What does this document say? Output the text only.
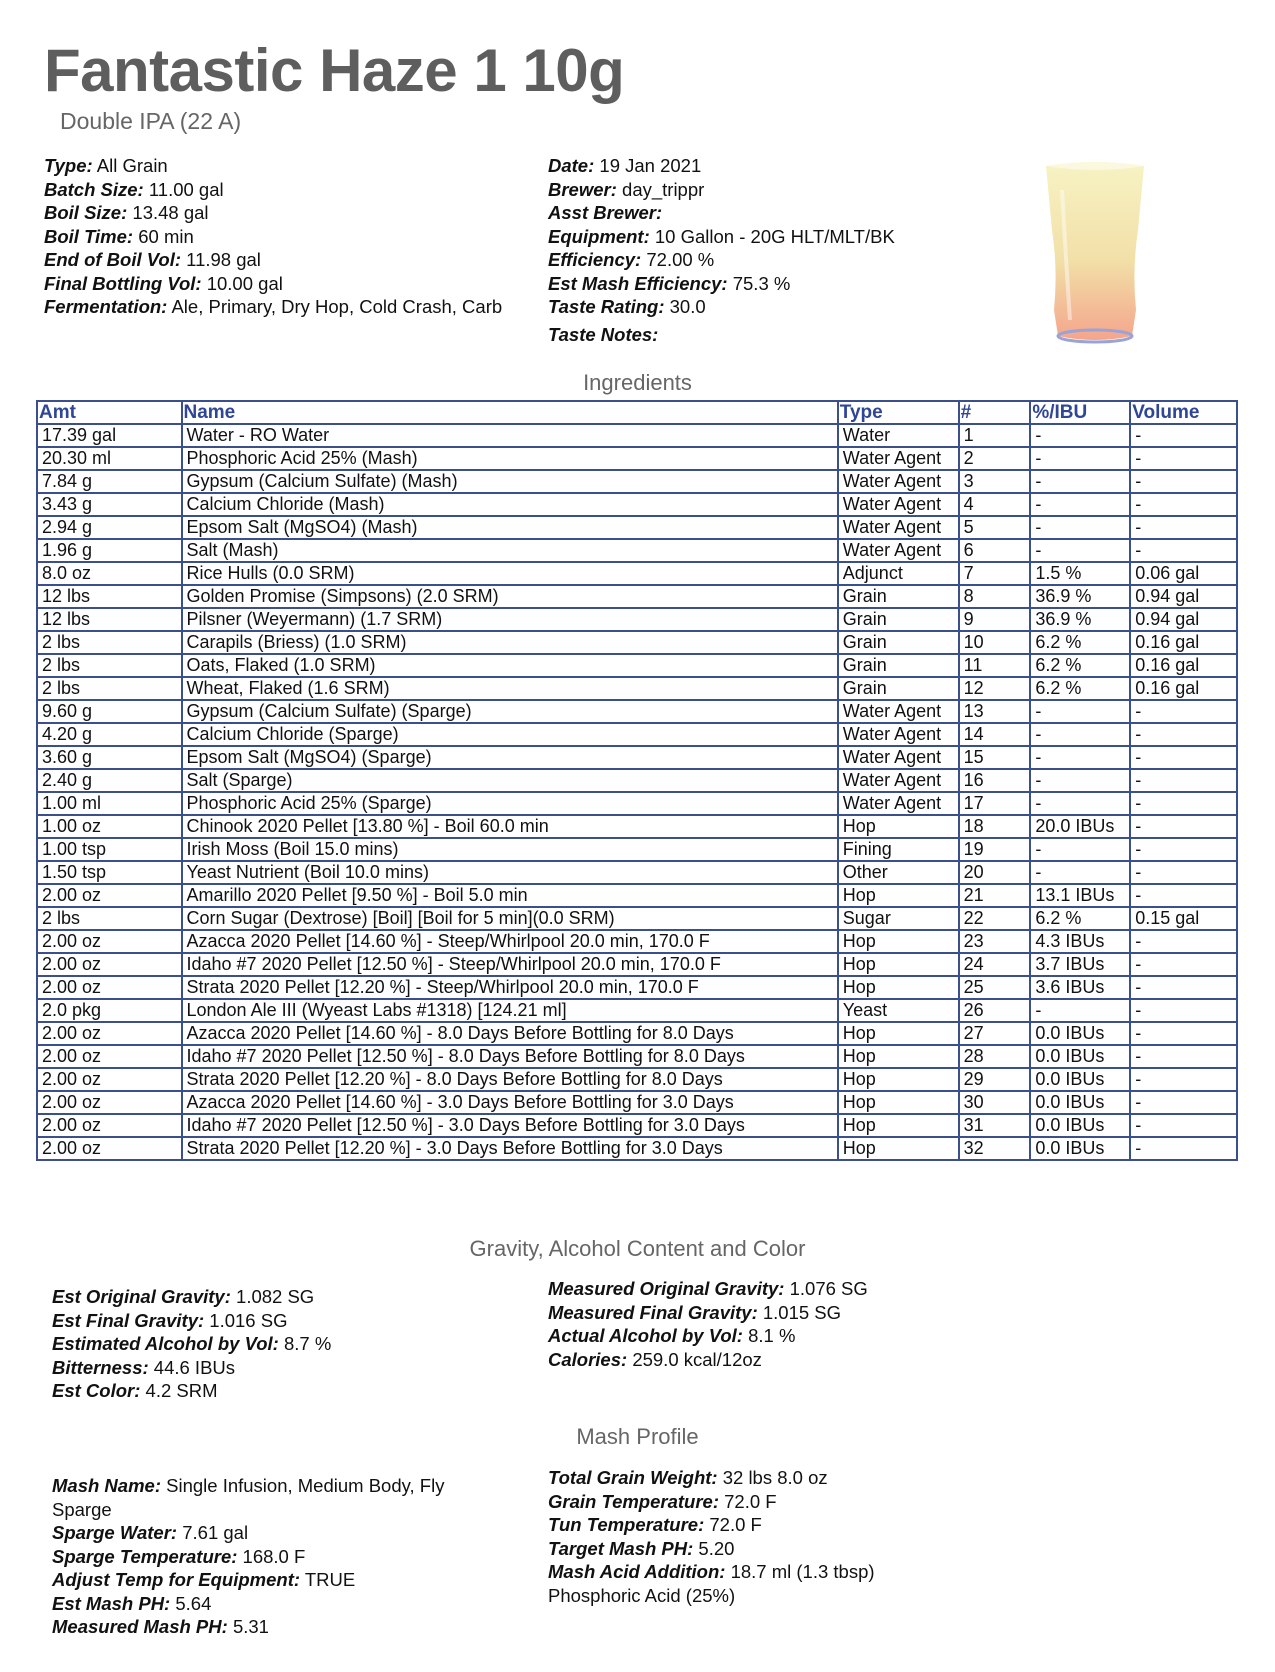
Fantastic Haze 1 10g
Double IPA (22 A)

Type: All Grain

Batch Size: 11.00 gal

Boil Size: 13.48 gal

Boil Time: 60 min

End of Boil Vol: 11.98 gal

Final Bottling Vol: 10.00 gal

Fermentation: Ale, Primary, Dry Hop, Cold Crash, Carb

Date: 19 Jan 2021

Brewer: day_trippr

Asst Brewer:

Equipment: 10 Gallon - 20G HLT/MLT/BK

Efficiency: 72.00 %

Est Mash Efficiency: 75.3 %

Taste Rating: 30.0

Taste Notes:

Ingredients
Amt	Name	Type	#	%/IBU	Volume
17.39 gal	Water - RO Water	Water	1	-	-
20.30 ml	Phosphoric Acid 25% (Mash)	Water Agent	2	-	-
7.84 g	Gypsum (Calcium Sulfate) (Mash)	Water Agent	3	-	-
3.43 g	Calcium Chloride (Mash)	Water Agent	4	-	-
2.94 g	Epsom Salt (MgSO4) (Mash)	Water Agent	5	-	-
1.96 g	Salt (Mash)	Water Agent	6	-	-
8.0 oz	Rice Hulls (0.0 SRM)	Adjunct	7	1.5 %	0.06 gal
12 lbs	Golden Promise (Simpsons) (2.0 SRM)	Grain	8	36.9 %	0.94 gal
12 lbs	Pilsner (Weyermann) (1.7 SRM)	Grain	9	36.9 %	0.94 gal
2 lbs	Carapils (Briess) (1.0 SRM)	Grain	10	6.2 %	0.16 gal
2 lbs	Oats, Flaked (1.0 SRM)	Grain	11	6.2 %	0.16 gal
2 lbs	Wheat, Flaked (1.6 SRM)	Grain	12	6.2 %	0.16 gal
9.60 g	Gypsum (Calcium Sulfate) (Sparge)	Water Agent	13	-	-
4.20 g	Calcium Chloride (Sparge)	Water Agent	14	-	-
3.60 g	Epsom Salt (MgSO4) (Sparge)	Water Agent	15	-	-
2.40 g	Salt (Sparge)	Water Agent	16	-	-
1.00 ml	Phosphoric Acid 25% (Sparge)	Water Agent	17	-	-
1.00 oz	Chinook 2020 Pellet [13.80 %] - Boil 60.0 min	Hop	18	20.0 IBUs	-
1.00 tsp	Irish Moss (Boil 15.0 mins)	Fining	19	-	-
1.50 tsp	Yeast Nutrient (Boil 10.0 mins)	Other	20	-	-
2.00 oz	Amarillo 2020 Pellet [9.50 %] - Boil 5.0 min	Hop	21	13.1 IBUs	-
2 lbs	Corn Sugar (Dextrose) [Boil] [Boil for 5 min](0.0 SRM)	Sugar	22	6.2 %	0.15 gal
2.00 oz	Azacca 2020 Pellet [14.60 %] - Steep/Whirlpool 20.0 min, 170.0 F	Hop	23	4.3 IBUs	-
2.00 oz	Idaho #7 2020 Pellet [12.50 %] - Steep/Whirlpool 20.0 min, 170.0 F	Hop	24	3.7 IBUs	-
2.00 oz	Strata 2020 Pellet [12.20 %] - Steep/Whirlpool 20.0 min, 170.0 F	Hop	25	3.6 IBUs	-
2.0 pkg	London Ale III (Wyeast Labs #1318) [124.21 ml]	Yeast	26	-	-
2.00 oz	Azacca 2020 Pellet [14.60 %] - 8.0 Days Before Bottling for 8.0 Days	Hop	27	0.0 IBUs	-
2.00 oz	Idaho #7 2020 Pellet [12.50 %] - 8.0 Days Before Bottling for 8.0 Days	Hop	28	0.0 IBUs	-
2.00 oz	Strata 2020 Pellet [12.20 %] - 8.0 Days Before Bottling for 8.0 Days	Hop	29	0.0 IBUs	-
2.00 oz	Azacca 2020 Pellet [14.60 %] - 3.0 Days Before Bottling for 3.0 Days	Hop	30	0.0 IBUs	-
2.00 oz	Idaho #7 2020 Pellet [12.50 %] - 3.0 Days Before Bottling for 3.0 Days	Hop	31	0.0 IBUs	-
2.00 oz	Strata 2020 Pellet [12.20 %] - 3.0 Days Before Bottling for 3.0 Days	Hop	32	0.0 IBUs	-
Gravity, Alcohol Content and Color

Est Original Gravity: 1.082 SG

Est Final Gravity: 1.016 SG

Estimated Alcohol by Vol: 8.7 %

Bitterness: 44.6 IBUs

Est Color: 4.2 SRM

Measured Original Gravity: 1.076 SG

Measured Final Gravity: 1.015 SG

Actual Alcohol by Vol: 8.1 %

Calories: 259.0 kcal/12oz

Mash Profile

Mash Name: Single Infusion, Medium Body, Fly Sparge

Sparge Water: 7.61 gal

Sparge Temperature: 168.0 F

Adjust Temp for Equipment: TRUE

Est Mash PH: 5.64

Measured Mash PH: 5.31

Total Grain Weight: 32 lbs 8.0 oz

Grain Temperature: 72.0 F

Tun Temperature: 72.0 F

Target Mash PH: 5.20

Mash Acid Addition: 18.7 ml (1.3 tbsp)

Phosphoric Acid (25%)
